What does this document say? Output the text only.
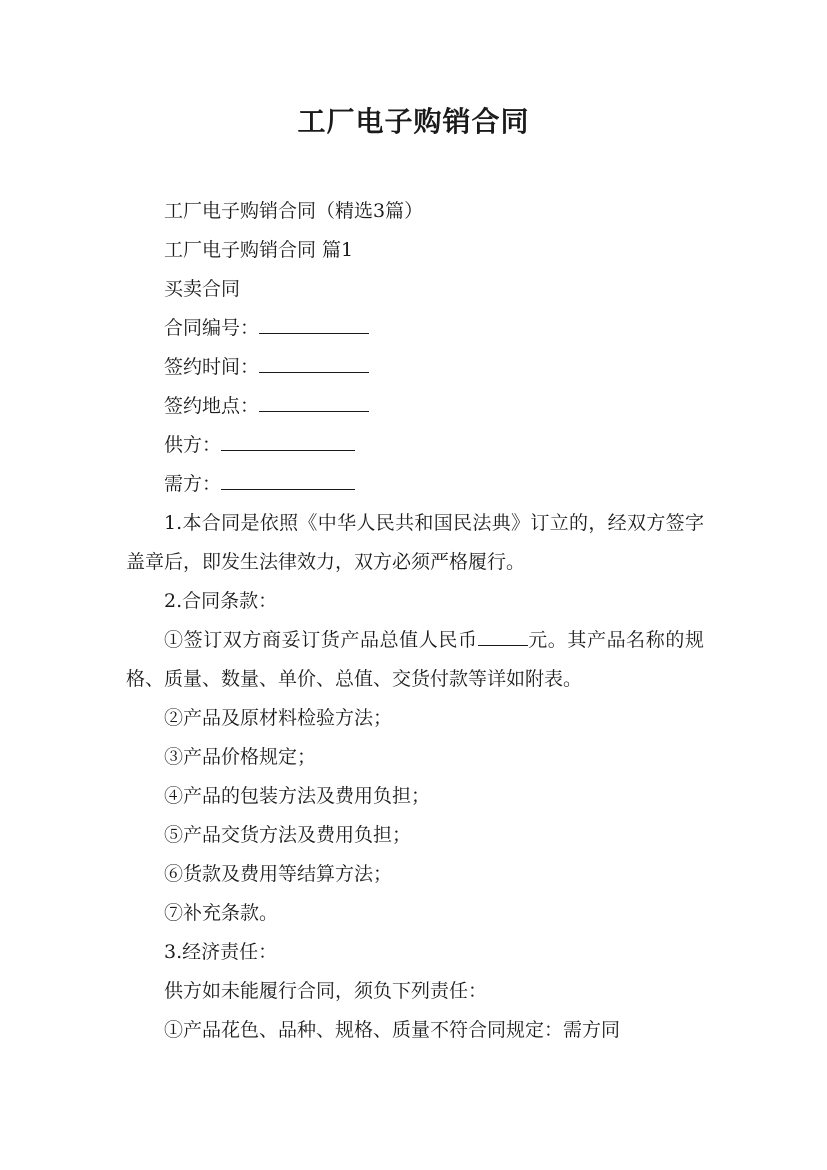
工厂电子购销合同

工厂电子购销合同（精选3篇）

工厂电子购销合同 篇1

买卖合同

合同编号：

签约时间：

签约地点：

供方：

需方：

1.本合同是依照《中华人民共和国民法典》订立的，经双方签字盖章后，即发生法律效力，双方必须严格履行。

2.合同条款：

①签订双方商妥订货产品总值人民币	元。其产品名称的规格、质量、数量、单价、总值、交货付款等详如附表。

②产品及原材料检验方法；

③产品价格规定；

④产品的包装方法及费用负担；

⑤产品交货方法及费用负担；

⑥货款及费用等结算方法；

⑦补充条款。

3.经济责任：

供方如未能履行合同，须负下列责任：

①产品花色、品种、规格、质量不符合同规定：需方同
